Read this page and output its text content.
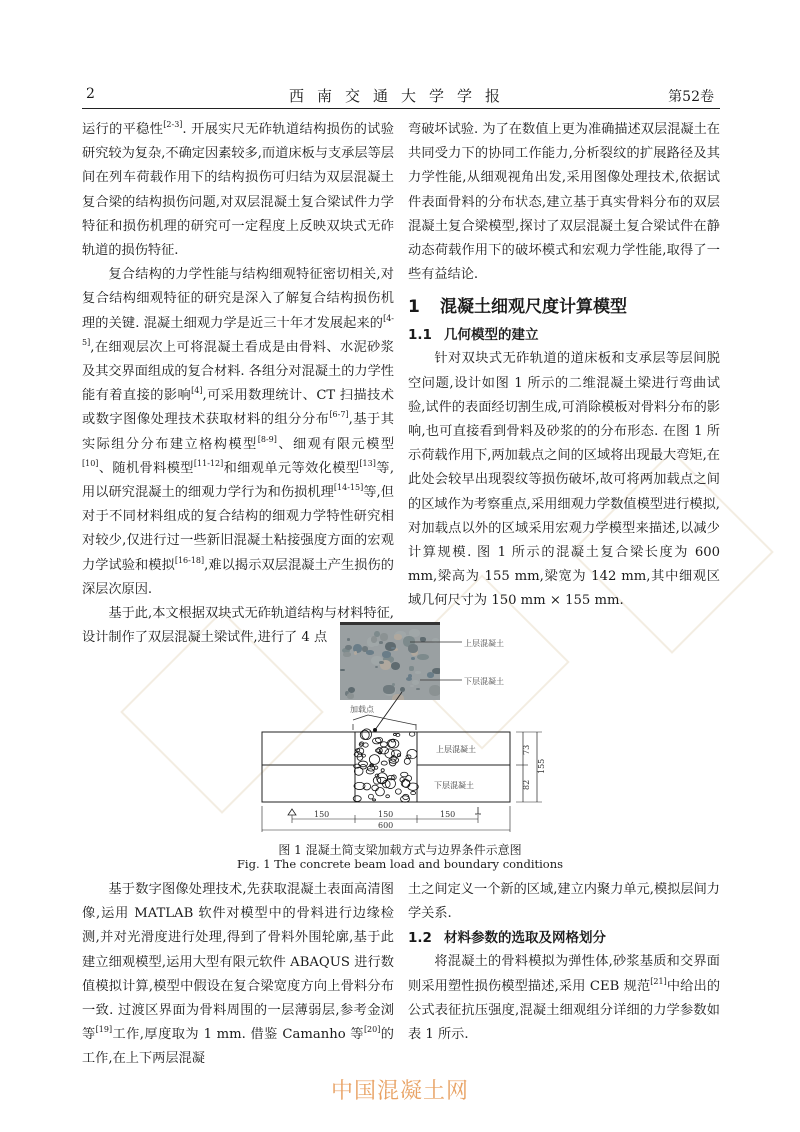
2	西南交通大学学报	第52卷

运行的平稳性[2-3]. 开展实尺无砟轨道结构损伤的试验研究较为复杂,不确定因素较多,而道床板与支承层等层间在列车荷载作用下的结构损伤可归结为双层混凝土复合梁的结构损伤问题,对双层混凝土复合梁试件力学特征和损伤机理的研究可一定程度上反映双块式无砟轨道的损伤特征.

复合结构的力学性能与结构细观特征密切相关,对复合结构细观特征的研究是深入了解复合结构损伤机理的关键. 混凝土细观力学是近三十年才发展起来的[4-5],在细观层次上可将混凝土看成是由骨料、水泥砂浆及其交界面组成的复合材料. 各组分对混凝土的力学性能有着直接的影响[4],可采用数理统计、CT 扫描技术或数字图像处理技术获取材料的组分分布[6-7],基于其实际组分分布建立格构模型[8-9]、细观有限元模型[10]、随机骨料模型[11-12]和细观单元等效化模型[13]等,用以研究混凝土的细观力学行为和伤损机理[14-15]等,但对于不同材料组成的复合结构的细观力学特性研究相对较少,仅进行过一些新旧混凝土粘接强度方面的宏观力学试验和模拟[16-18],难以揭示双层混凝土产生损伤的深层次原因.

基于此,本文根据双块式无砟轨道结构与材料特征,设计制作了双层混凝土梁试件,进行了 4 点

弯破坏试验. 为了在数值上更为准确描述双层混凝土在共同受力下的协同工作能力,分析裂纹的扩展路径及其力学性能,从细观视角出发,采用图像处理技术,依据试件表面骨料的分布状态,建立基于真实骨料分布的双层混凝土复合梁模型,探讨了双层混凝土复合梁试件在静动态荷载作用下的破坏模式和宏观力学性能,取得了一些有益结论.

1 混凝土细观尺度计算模型
1.1 几何模型的建立

针对双块式无砟轨道的道床板和支承层等层间脱空问题,设计如图 1 所示的二维混凝土梁进行弯曲试验,试件的表面经切割生成,可消除模板对骨料分布的影响,也可直接看到骨料及砂浆的的分布形态. 在图 1 所示荷载作用下,两加载点之间的区域将出现最大弯矩,在此处会较早出现裂纹等损伤破坏,故可将两加载点之间的区域作为考察重点,采用细观力学数值模型进行模拟,对加载点以外的区域采用宏观力学模型来描述,以减少计算规模. 图 1 所示的混凝土复合梁长度为 600 mm,梁高为 155 mm,梁宽为 142 mm,其中细观区域几何尺寸为 150 mm × 155 mm.

上层混凝土
下层混凝土
加载点
上层混凝土
下层混凝土
73
82
155
150	150	150
600
图 1 混凝土简支梁加载方式与边界条件示意图
Fig. 1 The concrete beam load and boundary conditions

基于数字图像处理技术,先获取混凝土表面高清图像,运用 MATLAB 软件对模型中的骨料进行边缘检测,并对光滑度进行处理,得到了骨料外围轮廓,基于此建立细观模型,运用大型有限元软件 ABAQUS 进行数值模拟计算,模型中假设在复合梁宽度方向上骨料分布一致. 过渡区界面为骨料周围的一层薄弱层,参考金浏等[19]工作,厚度取为 1 mm. 借鉴 Camanho 等[20]的工作,在上下两层混凝

土之间定义一个新的区域,建立内聚力单元,模拟层间力学关系.

1.2 材料参数的选取及网格划分

将混凝土的骨料模拟为弹性体,砂浆基质和交界面则采用塑性损伤模型描述,采用 CEB 规范[21]中给出的公式表征抗压强度,混凝土细观组分详细的力学参数如表 1 所示.

中国混凝土网
